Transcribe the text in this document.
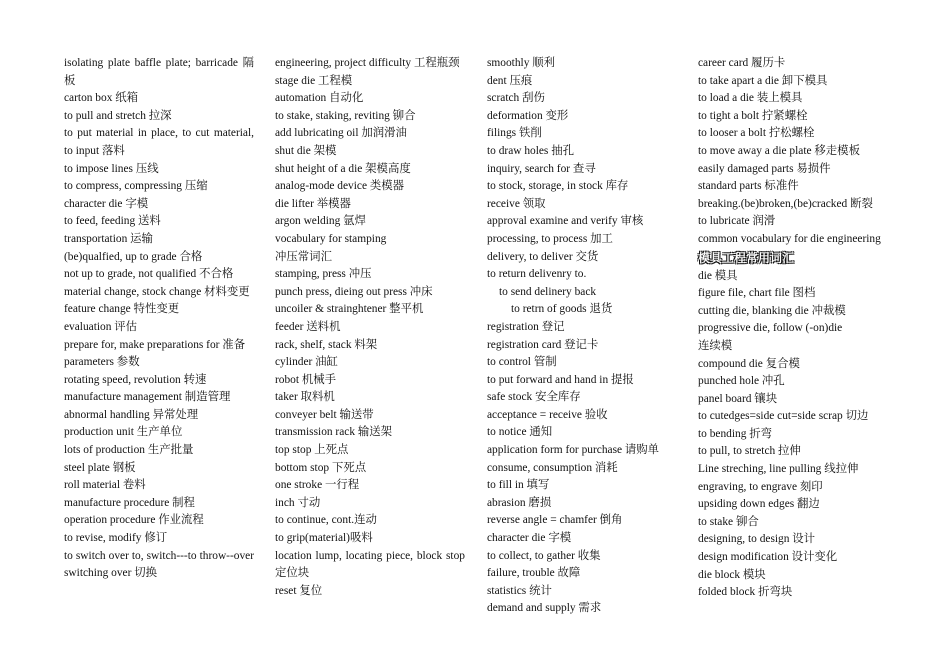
isolating plate baffle plate; barricade 隔板

carton box 纸箱

to pull and stretch 拉深

to put material in place, to cut material, to input 落料

to impose lines 压线

to compress, compressing 压缩

character die 字模

to feed, feeding 送料

transportation 运输

(be)qualfied, up to grade 合格

not up to grade, not qualified 不合格

material change, stock change 材料变更

feature change 特性变更

evaluation 评估

prepare for, make preparations for 准备

parameters 参数

rotating speed, revolution 转速

manufacture management 制造管理

abnormal handling 异常处理

production unit 生产单位

lots of production 生产批量

steel plate 钢板

roll material 卷料

manufacture procedure 制程

operation procedure 作业流程

to revise, modify 修订

to switch over to, switch---to throw--over switching over 切换

engineering, project difficulty 工程瓶颈

stage die 工程模

automation 自动化

to stake, staking, reviting 铆合

add lubricating oil 加润滑油

shut die 架模

shut height of a die 架模高度

analog-mode device 类模器

die lifter 举模器

argon welding 氩焊

vocabulary for stamping

冲压常词汇

stamping, press 冲压

punch press, dieing out press 冲床

uncoiler & strainghtener 整平机

feeder 送料机

rack, shelf, stack 料架

cylinder 油缸

robot 机械手

taker 取料机

conveyer belt 输送带

transmission rack 输送架

top stop 上死点

bottom stop 下死点

one stroke 一行程

inch 寸动

to continue, cont.连动

to grip(material)吸料

location lump, locating piece, block stop 定位块

reset 复位

smoothly 顺利

dent 压痕

scratch 刮伤

deformation 变形

filings 铁削

to draw holes 抽孔

inquiry, search for 查寻

to stock, storage, in stock 库存

receive 领取

approval examine and verify 审核

processing, to process 加工

delivery, to deliver 交货

to return delivenry to.

to send delinery back

to retrn of goods 退货

registration 登记

registration card 登记卡

to control 管制

to put forward and hand in 提报

safe stock 安全库存

acceptance = receive 验收

to notice 通知

application form for purchase 请购单

consume, consumption 消耗

to fill in 填写

abrasion 磨损

reverse angle = chamfer 倒角

character die 字模

to collect, to gather 收集

failure, trouble 故障

statistics 统计

demand and supply 需求

career card 履历卡

to take apart a die 卸下模具

to load a die 装上模具

to tight a bolt 拧紧螺栓

to looser a bolt 拧松螺栓

to move away a die plate 移走模板

easily damaged parts 易损件

standard parts 标准件

breaking.(be)broken,(be)cracked 断裂

to lubricate 润滑

common vocabulary for die engineering

模具工程常用词汇

die 模具

figure file, chart file 图档

cutting die, blanking die 冲裁模

progressive die, follow (-on)die

连续模

compound die 复合模

punched hole 冲孔

panel board 镶块

to cutedges=side cut=side scrap 切边

to bending 折弯

to pull, to stretch 拉伸

Line streching, line pulling 线拉伸

engraving, to engrave 刻印

upsiding down edges 翻边

to stake 铆合

designing, to design 设计

design modification 设计变化

die block 模块

folded block 折弯块
